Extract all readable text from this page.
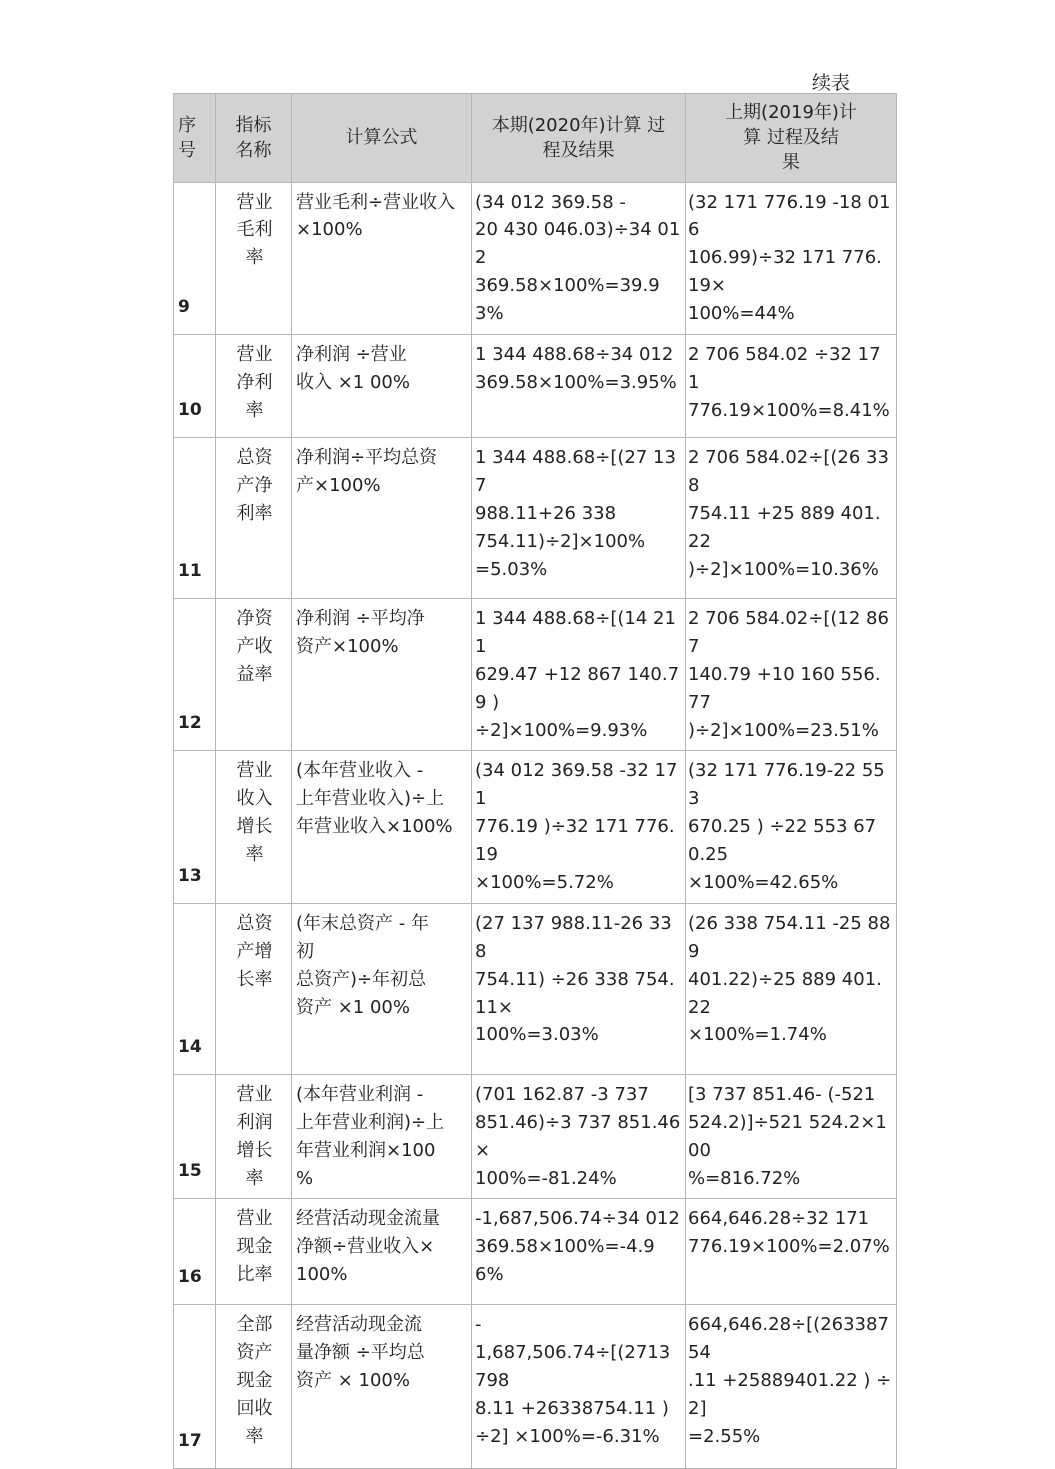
续表
序
号	指标
名称	计算公式	本期(2020年)计算 过
程及结果	上期(2019年)计
算 过程及结
果
9	营业
毛利
率	营业毛利÷营业收入
×100%	(34 012 369.58 -
20 430 046.03)÷34 012
369.58×100%=39.93%	(32 171 776.19 -18 016
106.99)÷32 171 776.19×
100%=44%
10	营业
净利
率	净利润 ÷营业
收入 ×1 00%	1 344 488.68÷34 012
369.58×100%=3.95%	2 706 584.02 ÷32 171
776.19×100%=8.41%
11	总资
产净
利率	净利润÷平均总资
产×100%	1 344 488.68÷[(27 137
988.11+26 338
754.11)÷2]×100%
=5.03%	2 706 584.02÷[(26 338
754.11 +25 889 401.22
)÷2]×100%=10.36%
12	净资
产收
益率	净利润 ÷平均净
资产×100%	1 344 488.68÷[(14 211
629.47 +12 867 140.79 )
÷2]×100%=9.93%	2 706 584.02÷[(12 867
140.79 +10 160 556.77
)÷2]×100%=23.51%
13	营业
收入
增长
率	(本年营业收入 -
上年营业收入)÷上
年营业收入×100%	(34 012 369.58 -32 171
776.19 )÷32 171 776.19
×100%=5.72%	(32 171 776.19-22 553
670.25 ) ÷22 553 670.25
×100%=42.65%
14	总资
产增
长率	(年末总资产 - 年
初
总资产)÷年初总
资产 ×1 00%	(27 137 988.11-26 338
754.11) ÷26 338 754.11×
100%=3.03%	(26 338 754.11 -25 889
401.22)÷25 889 401.22
×100%=1.74%
15	营业
利润
增长
率	(本年营业利润 -
上年营业利润)÷上
年营业利润×100
%	(701 162.87 -3 737
851.46)÷3 737 851.46×
100%=-81.24%	[3 737 851.46- (-521
524.2)]÷521 524.2×100
%=816.72%
16	营业
现金
比率	经营活动现金流量
净额÷营业收入×
100%	-1,687,506.74÷34 012
369.58×100%=-4.96%	664,646.28÷32 171
776.19×100%=2.07%
17	全部
资产
现金
回收
率	经营活动现金流
量净额 ÷平均总
资产 × 100%	-
1,687,506.74÷[(2713798
8.11 +26338754.11 )
÷2] ×100%=-6.31%	664,646.28÷[(26338754
.11 +25889401.22 ) ÷2]
=2.55%
